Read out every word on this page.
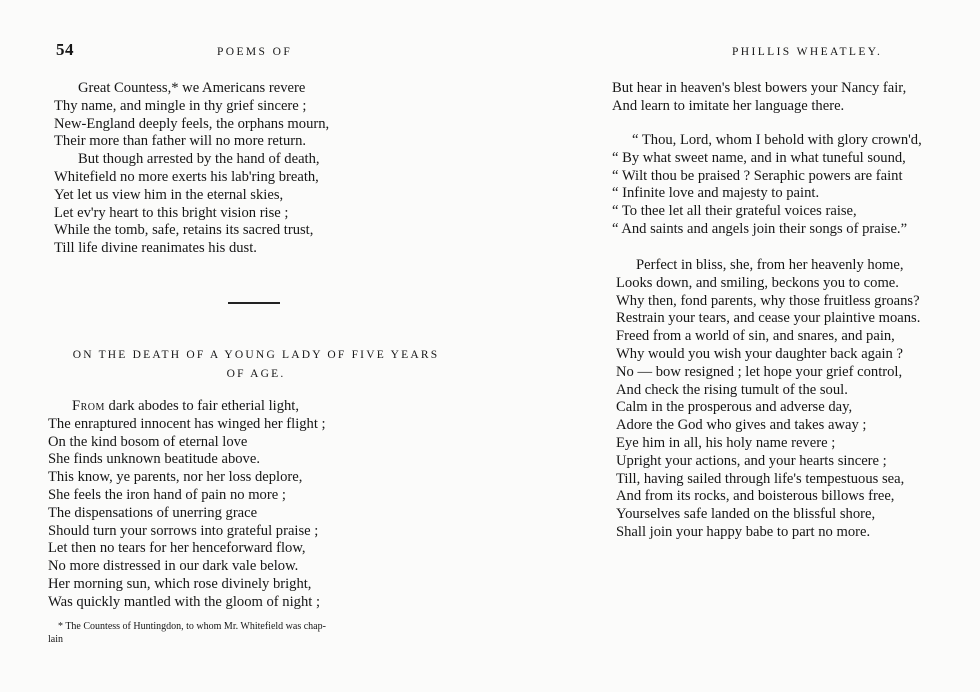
54	POEMS OF
Great Countess,* we Americans revere
Thy name, and mingle in thy grief sincere ;
New-England deeply feels, the orphans mourn,
Their more than father will no more return.
But though arrested by the hand of death,
Whitefield no more exerts his lab'ring breath,
Yet let us view him in the eternal skies,
Let ev'ry heart to this bright vision rise ;
While the tomb, safe, retains its sacred trust,
Till life divine reanimates his dust.
ON THE DEATH OF A YOUNG LADY OF FIVE YEARS
OF AGE.
From dark abodes to fair etherial light,
The enraptured innocent has winged her flight ;
On the kind bosom of eternal love
She finds unknown beatitude above.
This know, ye parents, nor her loss deplore,
She feels the iron hand of pain no more ;
The dispensations of unerring grace
Should turn your sorrows into grateful praise ;
Let then no tears for her henceforward flow,
No more distressed in our dark vale below.
Her morning sun, which rose divinely bright,
Was quickly mantled with the gloom of night ;
* The Countess of Huntingdon, to whom Mr. Whitefield was chap-
lain
PHILLIS WHEATLEY.
But hear in heaven's blest bowers your Nancy fair,
And learn to imitate her language there.
“ Thou, Lord, whom I behold with glory crown'd,
“ By what sweet name, and in what tuneful sound,
“ Wilt thou be praised ? Seraphic powers are faint
“ Infinite love and majesty to paint.
“ To thee let all their grateful voices raise,
“ And saints and angels join their songs of praise.”
Perfect in bliss, she, from her heavenly home,
Looks down, and smiling, beckons you to come.
Why then, fond parents, why those fruitless groans?
Restrain your tears, and cease your plaintive moans.
Freed from a world of sin, and snares, and pain,
Why would you wish your daughter back again ?
No — bow resigned ; let hope your grief control,
And check the rising tumult of the soul.
Calm in the prosperous and adverse day,
Adore the God who gives and takes away ;
Eye him in all, his holy name revere ;
Upright your actions, and your hearts sincere ;
Till, having sailed through life's tempestuous sea,
And from its rocks, and boisterous billows free,
Yourselves safe landed on the blissful shore,
Shall join your happy babe to part no more.
